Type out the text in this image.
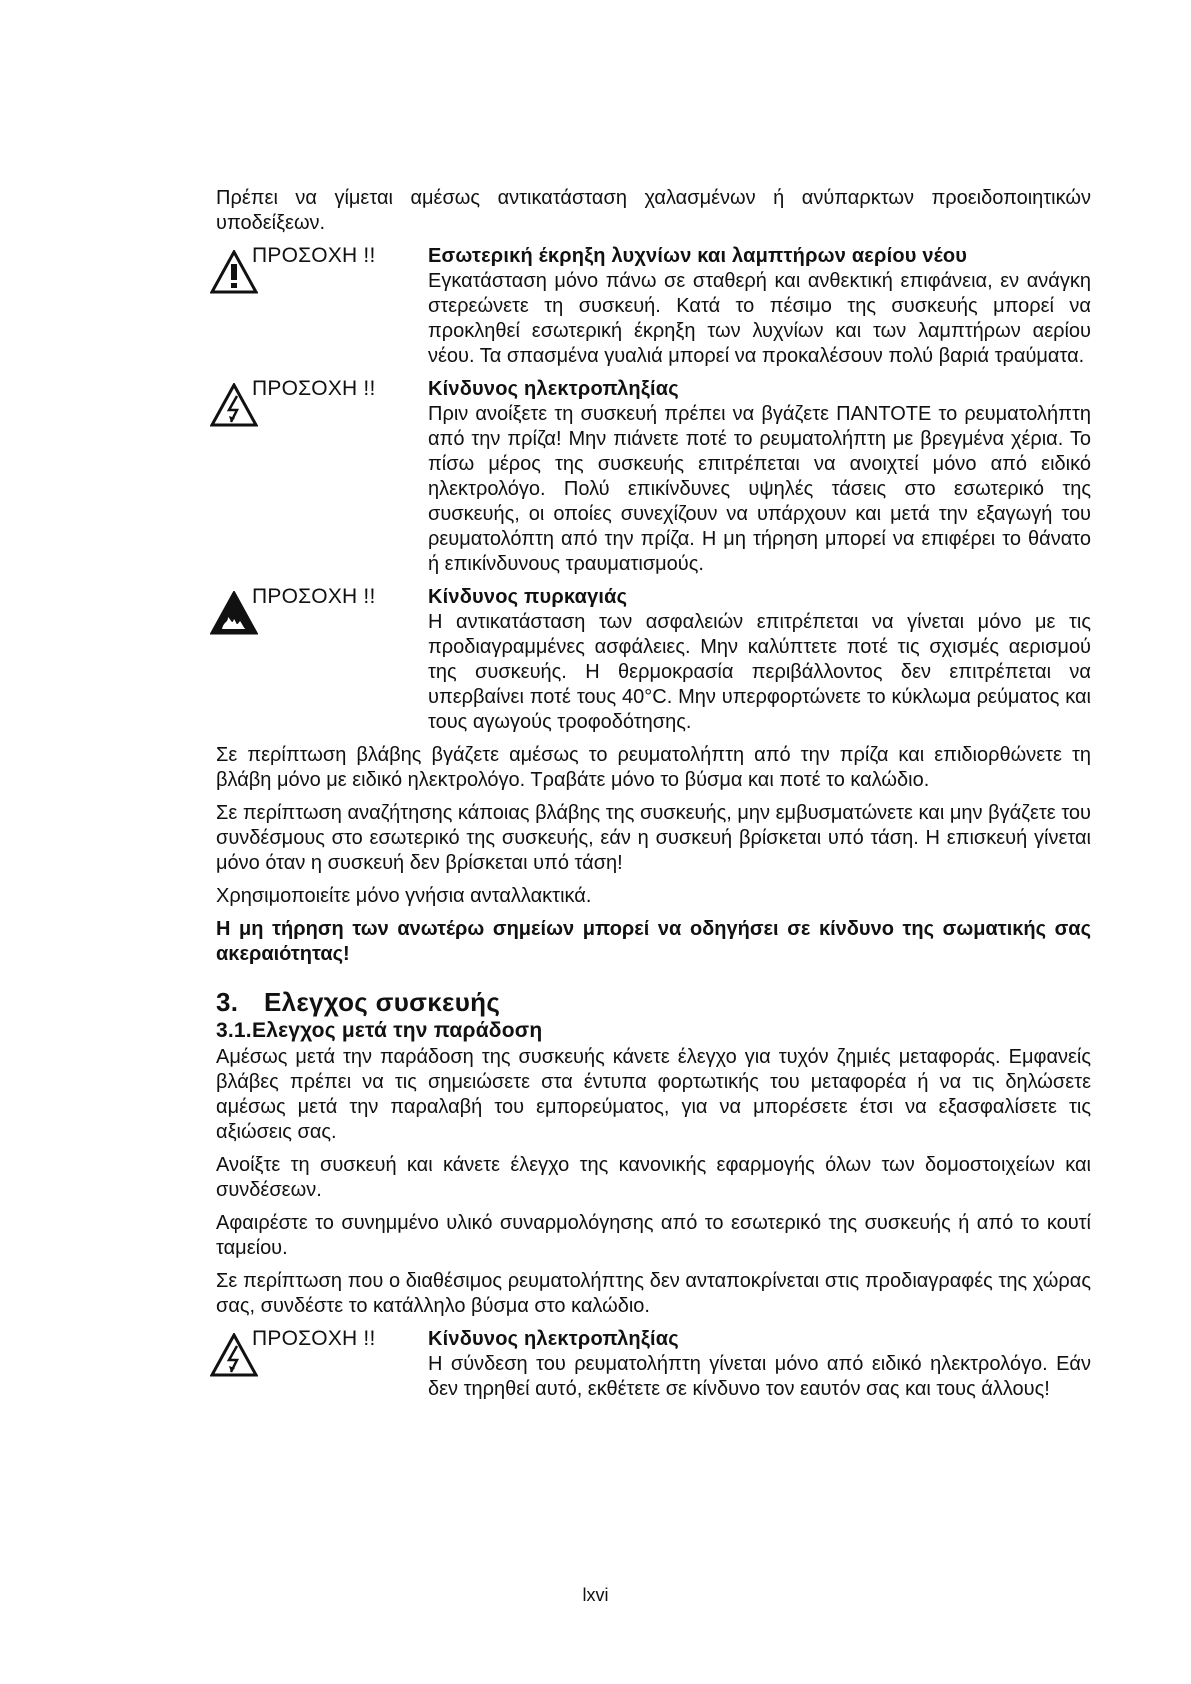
Πρέπει να γίμεται αμέσως αντικατάσταση χαλασμένων ή ανύπαρκτων προειδοποιητικών υποδείξεων.

ΠΡΟΣΟΧΗ !!	Εσωτερική έκρηξη λυχνίων και λαμπτήρων αερίου νέου

Εγκατάσταση μόνο πάνω σε σταθερή και ανθεκτική επιφάνεια, εν ανάγκη στερεώνετε τη συσκευή. Κατά το πέσιμο της συσκευής μπορεί να προκληθεί εσωτερική έκρηξη των λυχνίων και των λαμπτήρων αερίου νέου. Τα σπασμένα γυαλιά μπορεί να προκαλέσουν πολύ βαριά τραύματα.

ΠΡΟΣΟΧΗ !!	Κίνδυνος ηλεκτροπληξίας

Πριν ανοίξετε τη συσκευή πρέπει να βγάζετε ΠΑΝΤΟΤΕ το ρευματολήπτη από την πρίζα! Μην πιάνετε ποτέ το ρευματολήπτη με βρεγμένα χέρια. Το πίσω μέρος της συσκευής επιτρέπεται να ανοιχτεί μόνο από ειδικό ηλεκτρολόγο. Πολύ επικίνδυνες υψηλές τάσεις στο εσωτερικό της συσκευής, οι οποίες συνεχίζουν να υπάρχουν και μετά την εξαγωγή του ρευματολόπτη από την πρίζα. Η μη τήρηση μπορεί να επιφέρει το θάνατο ή επικίνδυνους τραυματισμούς.

ΠΡΟΣΟΧΗ !!	Κίνδυνος πυρκαγιάς

Η αντικατάσταση των ασφαλειών επιτρέπεται να γίνεται μόνο με τις προδιαγραμμένες ασφάλειες. Μην καλύπτετε ποτέ τις σχισμές αερισμού της συσκευής. Η θερμοκρασία περιβάλλοντος δεν επιτρέπεται να υπερβαίνει ποτέ τους 40°C. Μην υπερφορτώνετε το κύκλωμα ρεύματος και τους αγωγούς τροφοδότησης.

Σε περίπτωση βλάβης βγάζετε αμέσως το ρευματολήπτη από την πρίζα και επιδιορθώνετε τη βλάβη μόνο με ειδικό ηλεκτρολόγο. Τραβάτε μόνο το βύσμα και ποτέ το καλώδιο.

Σε περίπτωση αναζήτησης κάποιας βλάβης της συσκευής, μην εμβυσματώνετε και μην βγάζετε του συνδέσμους στο εσωτερικό της συσκευής, εάν η συσκευή βρίσκεται υπό τάση. Η επισκευή γίνεται μόνο όταν η συσκευή δεν βρίσκεται υπό τάση!

Χρησιμοποιείτε μόνο γνήσια ανταλλακτικά.

Η μη τήρηση των ανωτέρω σημείων μπορεί να οδηγήσει σε κίνδυνο της σωματικής σας ακεραιότητας!

3. Ελεγχος συσκευής
3.1.Ελεγχος μετά την παράδοση

Αμέσως μετά την παράδοση της συσκευής κάνετε έλεγχο για τυχόν ζημιές μεταφοράς. Εμφανείς βλάβες πρέπει να τις σημειώσετε στα έντυπα φορτωτικής του μεταφορέα ή να τις δηλώσετε αμέσως μετά την παραλαβή του εμπορεύματος, για να μπορέσετε έτσι να εξασφαλίσετε τις αξιώσεις σας.

Ανοίξτε τη συσκευή και κάνετε έλεγχο της κανονικής εφαρμογής όλων των δομοστοιχείων και συνδέσεων.

Αφαιρέστε το συνημμένο υλικό συναρμολόγησης από το εσωτερικό της συσκευής ή από το κουτί ταμείου.

Σε περίπτωση που ο διαθέσιμος ρευματολήπτης δεν ανταποκρίνεται στις προδιαγραφές της χώρας σας, συνδέστε το κατάλληλο βύσμα στο καλώδιο.

ΠΡΟΣΟΧΗ !!	Κίνδυνος ηλεκτροπληξίας

Η σύνδεση του ρευματολήπτη γίνεται μόνο από ειδικό ηλεκτρολόγο. Εάν δεν τηρηθεί αυτό, εκθέτετε σε κίνδυνο τον εαυτόν σας και τους άλλους!

lxvi
